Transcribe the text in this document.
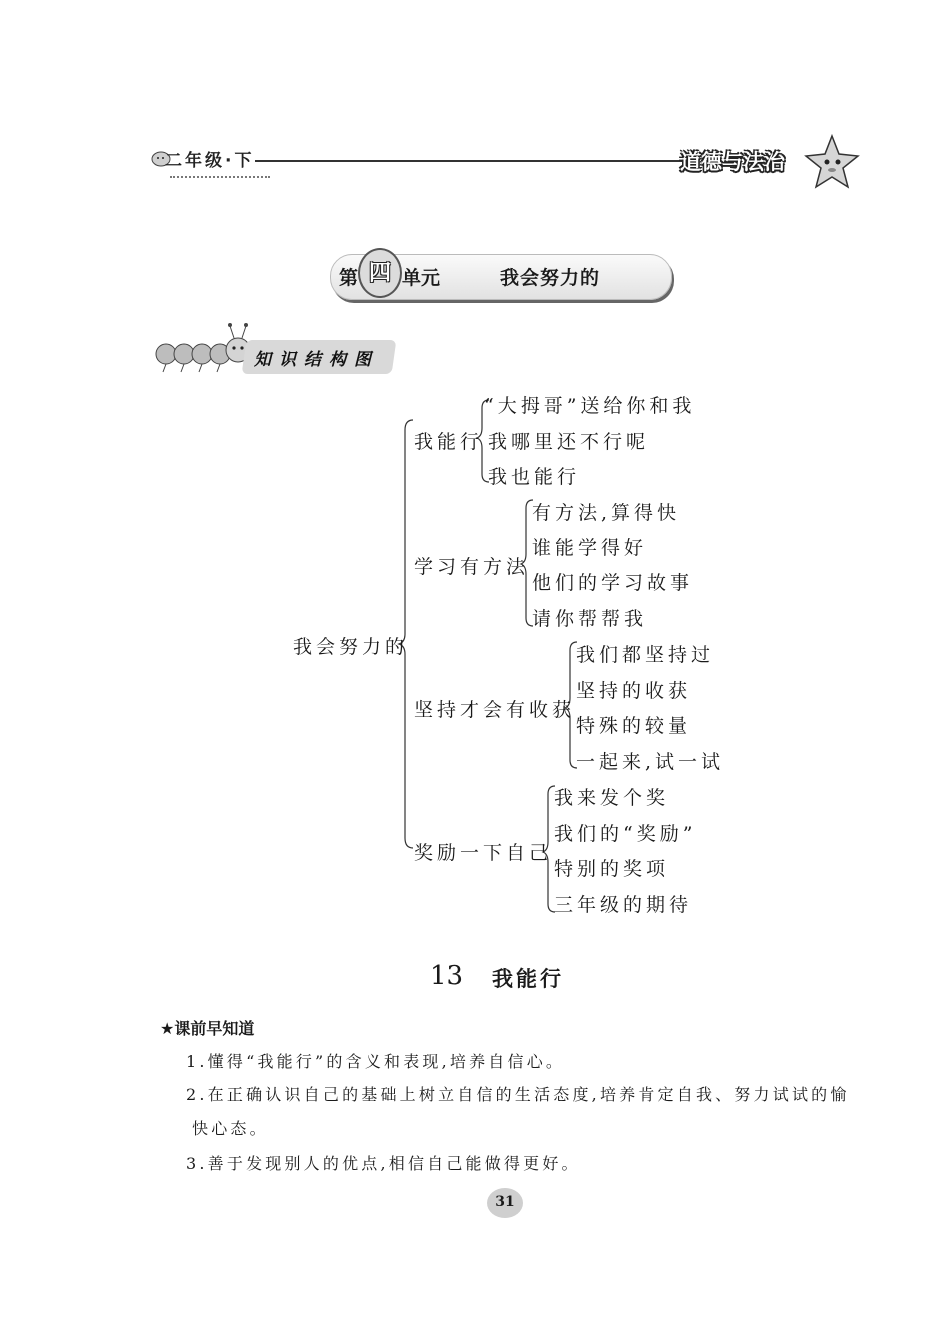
二年级·下	道德与法治
第 四 单元	我会努力的
知识结构图
我会努力的
我能行
“大拇哥”送给你和我
我哪里还不行呢
我也能行
学习有方法
有方法,算得快
谁能学得好
他们的学习故事
请你帮帮我
坚持才会有收获
我们都坚持过
坚持的收获
特殊的较量
一起来,试一试
奖励一下自己
我来发个奖
我们的“奖励”
特别的奖项
三年级的期待
13 我能行
★课前早知道
1.懂得“我能行”的含义和表现,培养自信心。
2.在正确认识自己的基础上树立自信的生活态度,培养肯定自我、努力试试的愉
快心态。
3.善于发现别人的优点,相信自己能做得更好。
31
